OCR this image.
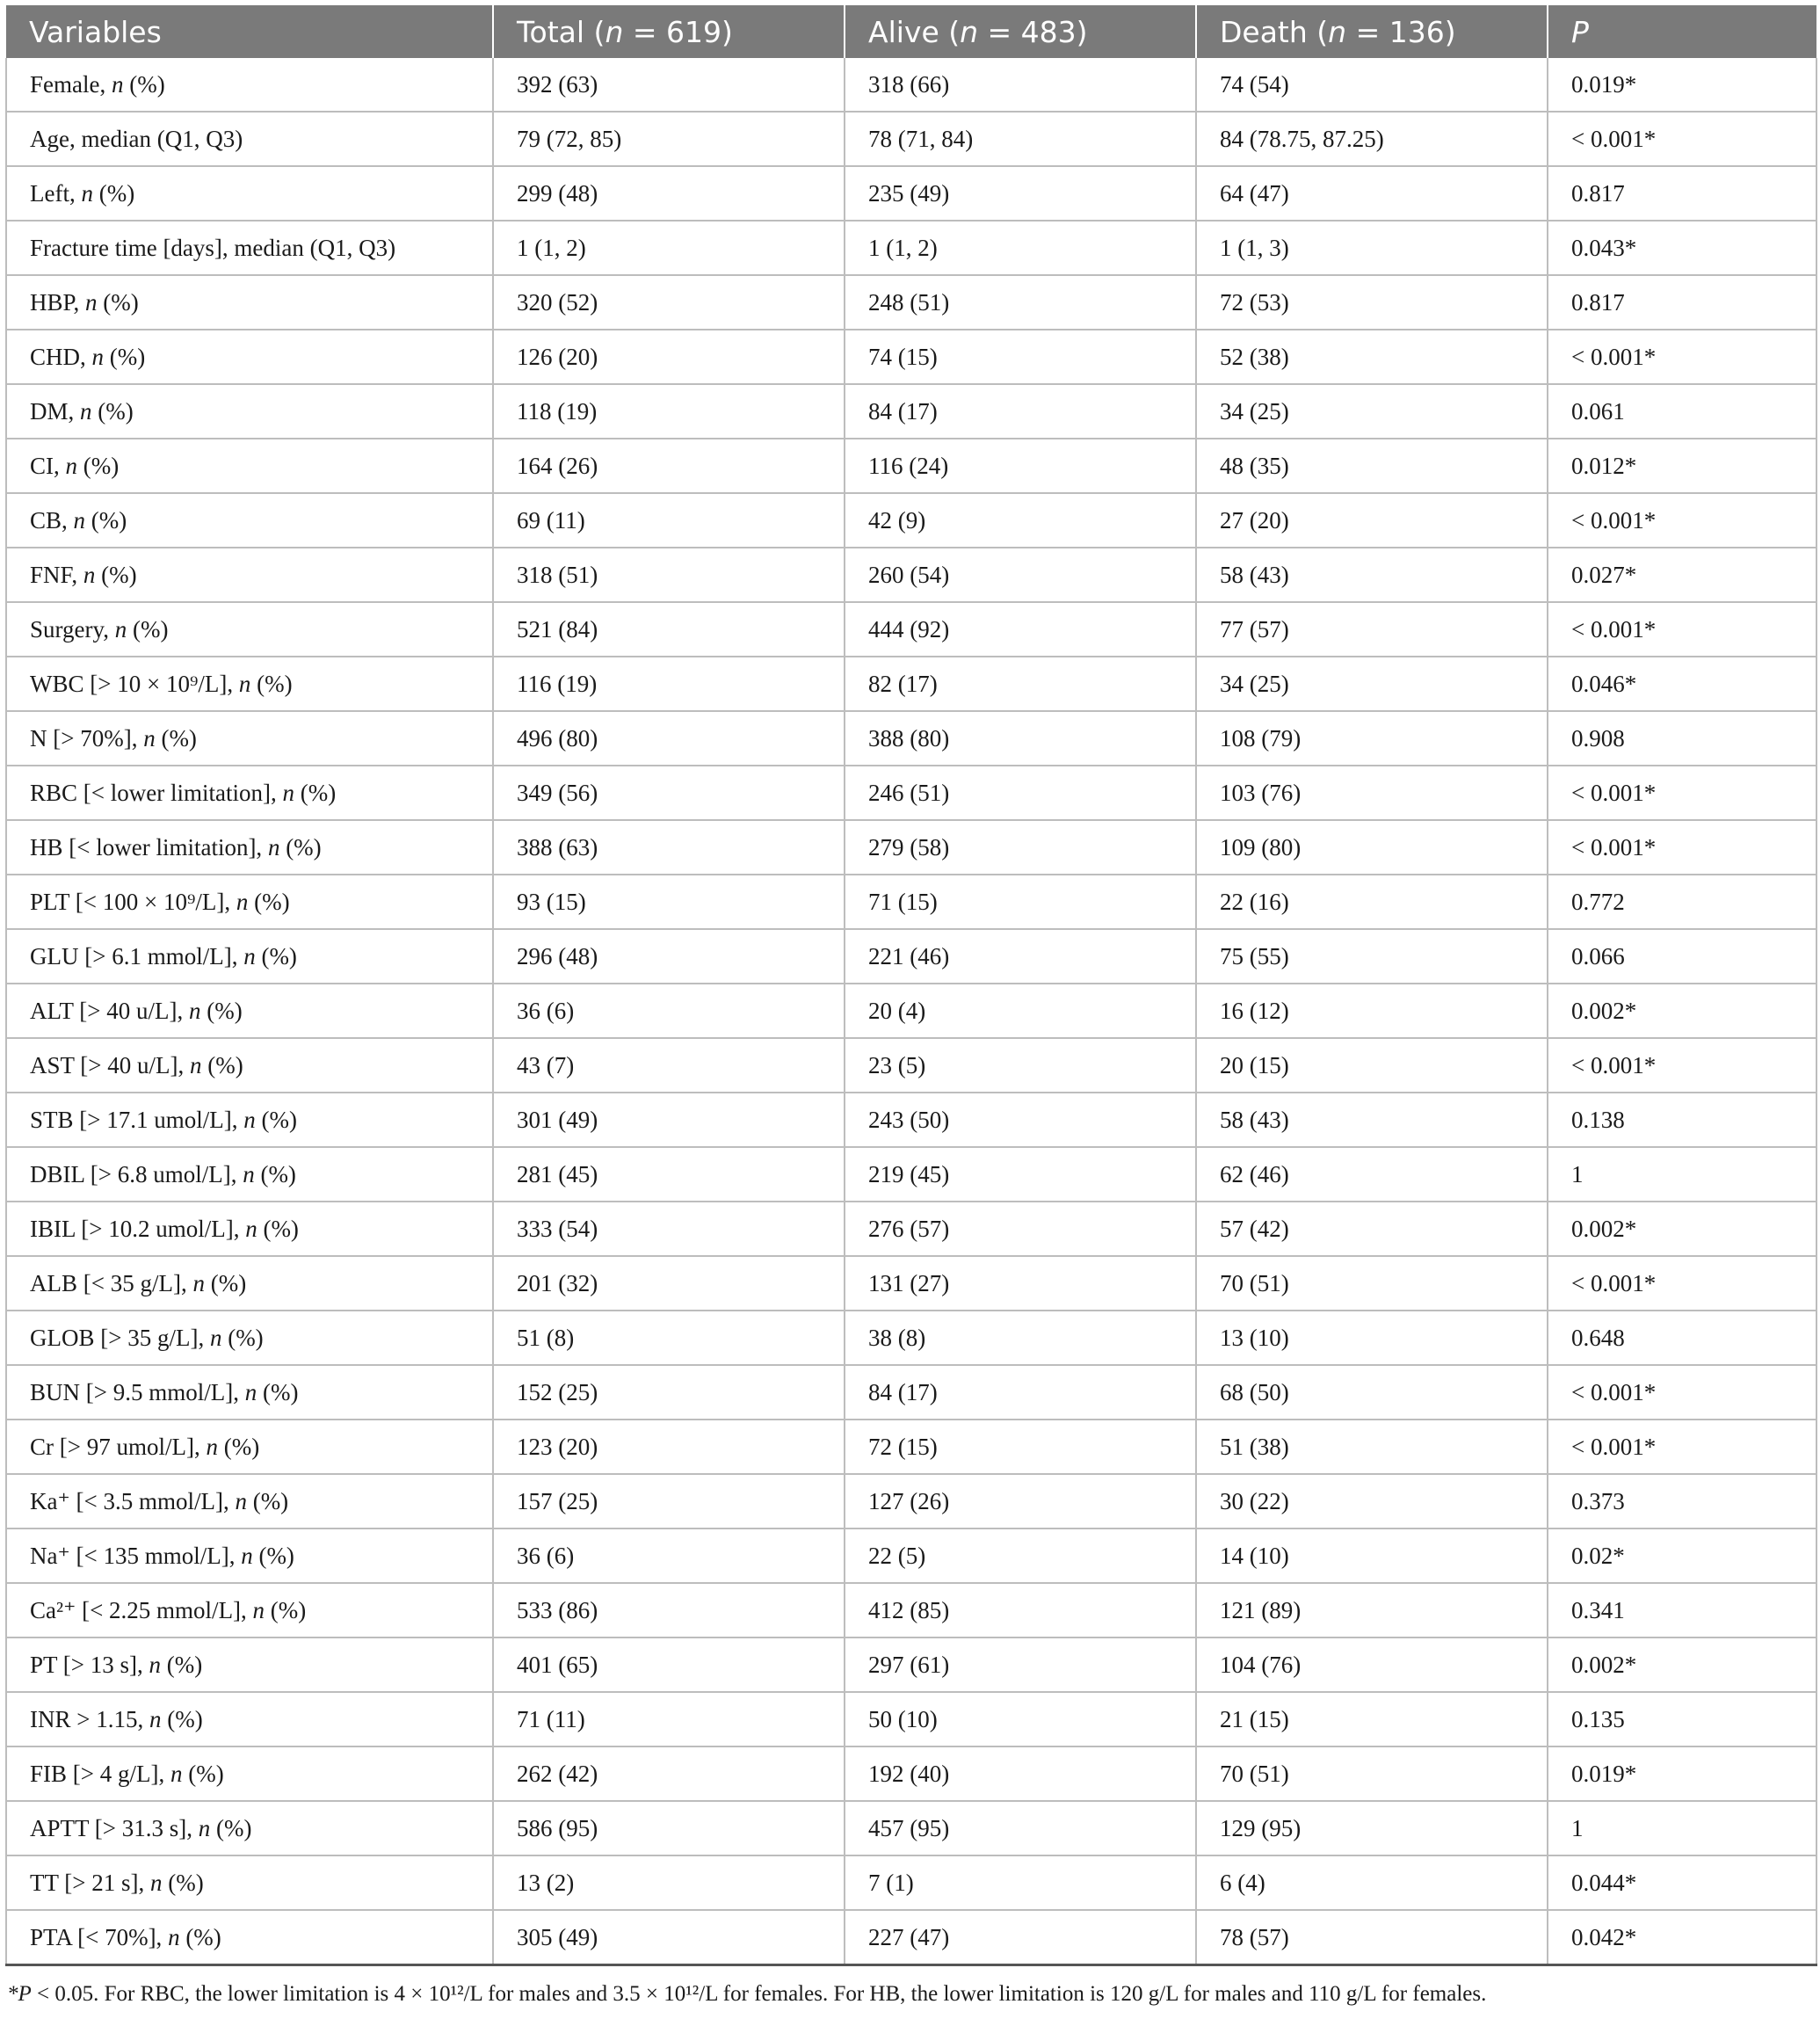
Variables	Total (n = 619)	Alive (n = 483)	Death (n = 136)	P
Female, n (%)	392 (63)	318 (66)	74 (54)	0.019*
Age, median (Q1, Q3)	79 (72, 85)	78 (71, 84)	84 (78.75, 87.25)	< 0.001*
Left, n (%)	299 (48)	235 (49)	64 (47)	0.817
Fracture time [days], median (Q1, Q3)	1 (1, 2)	1 (1, 2)	1 (1, 3)	0.043*
HBP, n (%)	320 (52)	248 (51)	72 (53)	0.817
CHD, n (%)	126 (20)	74 (15)	52 (38)	< 0.001*
DM, n (%)	118 (19)	84 (17)	34 (25)	0.061
CI, n (%)	164 (26)	116 (24)	48 (35)	0.012*
CB, n (%)	69 (11)	42 (9)	27 (20)	< 0.001*
FNF, n (%)	318 (51)	260 (54)	58 (43)	0.027*
Surgery, n (%)	521 (84)	444 (92)	77 (57)	< 0.001*
WBC [> 10 × 10⁹/L], n (%)	116 (19)	82 (17)	34 (25)	0.046*
N [> 70%], n (%)	496 (80)	388 (80)	108 (79)	0.908
RBC [< lower limitation], n (%)	349 (56)	246 (51)	103 (76)	< 0.001*
HB [< lower limitation], n (%)	388 (63)	279 (58)	109 (80)	< 0.001*
PLT [< 100 × 10⁹/L], n (%)	93 (15)	71 (15)	22 (16)	0.772
GLU [> 6.1 mmol/L], n (%)	296 (48)	221 (46)	75 (55)	0.066
ALT [> 40 u/L], n (%)	36 (6)	20 (4)	16 (12)	0.002*
AST [> 40 u/L], n (%)	43 (7)	23 (5)	20 (15)	< 0.001*
STB [> 17.1 umol/L], n (%)	301 (49)	243 (50)	58 (43)	0.138
DBIL [> 6.8 umol/L], n (%)	281 (45)	219 (45)	62 (46)	1
IBIL [> 10.2 umol/L], n (%)	333 (54)	276 (57)	57 (42)	0.002*
ALB [< 35 g/L], n (%)	201 (32)	131 (27)	70 (51)	< 0.001*
GLOB [> 35 g/L], n (%)	51 (8)	38 (8)	13 (10)	0.648
BUN [> 9.5 mmol/L], n (%)	152 (25)	84 (17)	68 (50)	< 0.001*
Cr [> 97 umol/L], n (%)	123 (20)	72 (15)	51 (38)	< 0.001*
Ka⁺ [< 3.5 mmol/L], n (%)	157 (25)	127 (26)	30 (22)	0.373
Na⁺ [< 135 mmol/L], n (%)	36 (6)	22 (5)	14 (10)	0.02*
Ca²⁺ [< 2.25 mmol/L], n (%)	533 (86)	412 (85)	121 (89)	0.341
PT [> 13 s], n (%)	401 (65)	297 (61)	104 (76)	0.002*
INR > 1.15, n (%)	71 (11)	50 (10)	21 (15)	0.135
FIB [> 4 g/L], n (%)	262 (42)	192 (40)	70 (51)	0.019*
APTT [> 31.3 s], n (%)	586 (95)	457 (95)	129 (95)	1
TT [> 21 s], n (%)	13 (2)	7 (1)	6 (4)	0.044*
PTA [< 70%], n (%)	305 (49)	227 (47)	78 (57)	0.042*
*P < 0.05. For RBC, the lower limitation is 4 × 10¹²/L for males and 3.5 × 10¹²/L for females. For HB, the lower limitation is 120 g/L for males and 110 g/L for females.
